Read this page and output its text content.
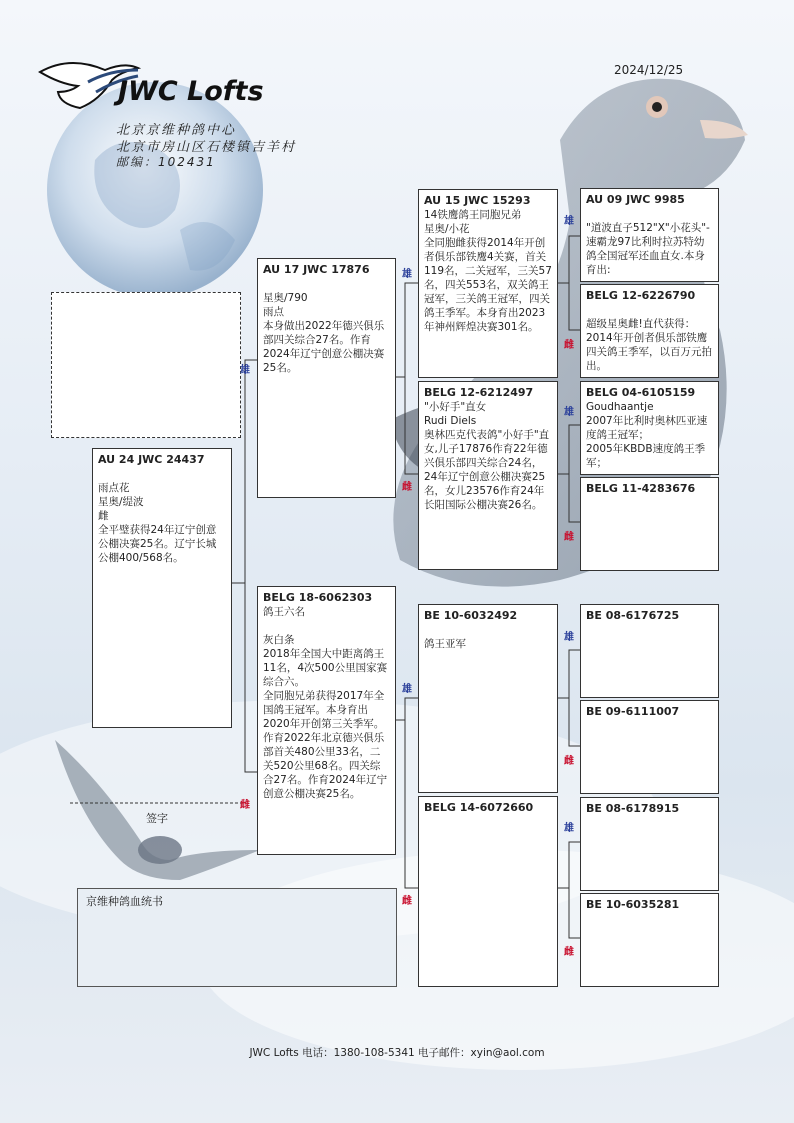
JWC Lofts
北京京维种鸽中心
北京市房山区石楼镇吉羊村
邮编：102431
2024/12/25
雄
雌
雄
雌
雄
雌
雄
雌
雄
雌
雄
雌
雄
雌
AU 24 JWC 24437

雨点花
星奥/缇波
雌
全平璧获得24年辽宁创意公棚决赛25名。辽宁长城公棚400/568名。
AU 17 JWC 17876

星奥/790
雨点
本身做出2022年德兴俱乐部四关综合27名。作育2024年辽宁创意公棚决赛25名。
BELG 18-6062303
鸽王六名

灰白条
2018年全国大中距离鸽王11名，4次500公里国家赛综合六。
全同胞兄弟获得2017年全国鸽王冠军。本身育出2020年开创第三关季军。作育2022年北京德兴俱乐部首关480公里33名，二关520公里68名。四关综合27名。作育2024年辽宁创意公棚决赛25名。
AU 15 JWC 15293
14铁鹰鸽王同胞兄弟
星奥/小花
全同胞雌获得2014年开创者俱乐部铁鹰4关赛，首关119名，二关冠军，三关57名，四关553名，双关鸽王冠军，三关鸽王冠军，四关鸽王季军。本身育出2023年神州辉煌决赛301名。
BELG 12-6212497
"小好手"直女
Rudi Diels
奥林匹克代表鸽"小好手"直女,儿子17876作育22年德兴俱乐部四关综合24名，24年辽宁创意公棚决赛25名，女儿23576作育24年长阳国际公棚决赛26名。
BE 10-6032492

鸽王亚军
BELG 14-6072660
AU 09 JWC 9985

"道波直子512"X"小花头"-速霸龙97比利时拉苏特幼鸽全国冠军还血直女.本身育出:
BELG 12-6226790

超级星奥雌!直代获得：2014年开创者俱乐部铁鹰四关鸽王季军，以百万元拍出。
BELG 04-6105159
Goudhaantje
2007年比利时奥林匹亚速度鸽王冠军；
2005年KBDB速度鸽王季军；
BELG 11-4283676
BE 08-6176725
BE 09-6111007
BE 08-6178915
BE 10-6035281
签字
京维种鸽血统书
JWC Lofts 电话：1380-108-5341 电子邮件：xyin@aol.com
